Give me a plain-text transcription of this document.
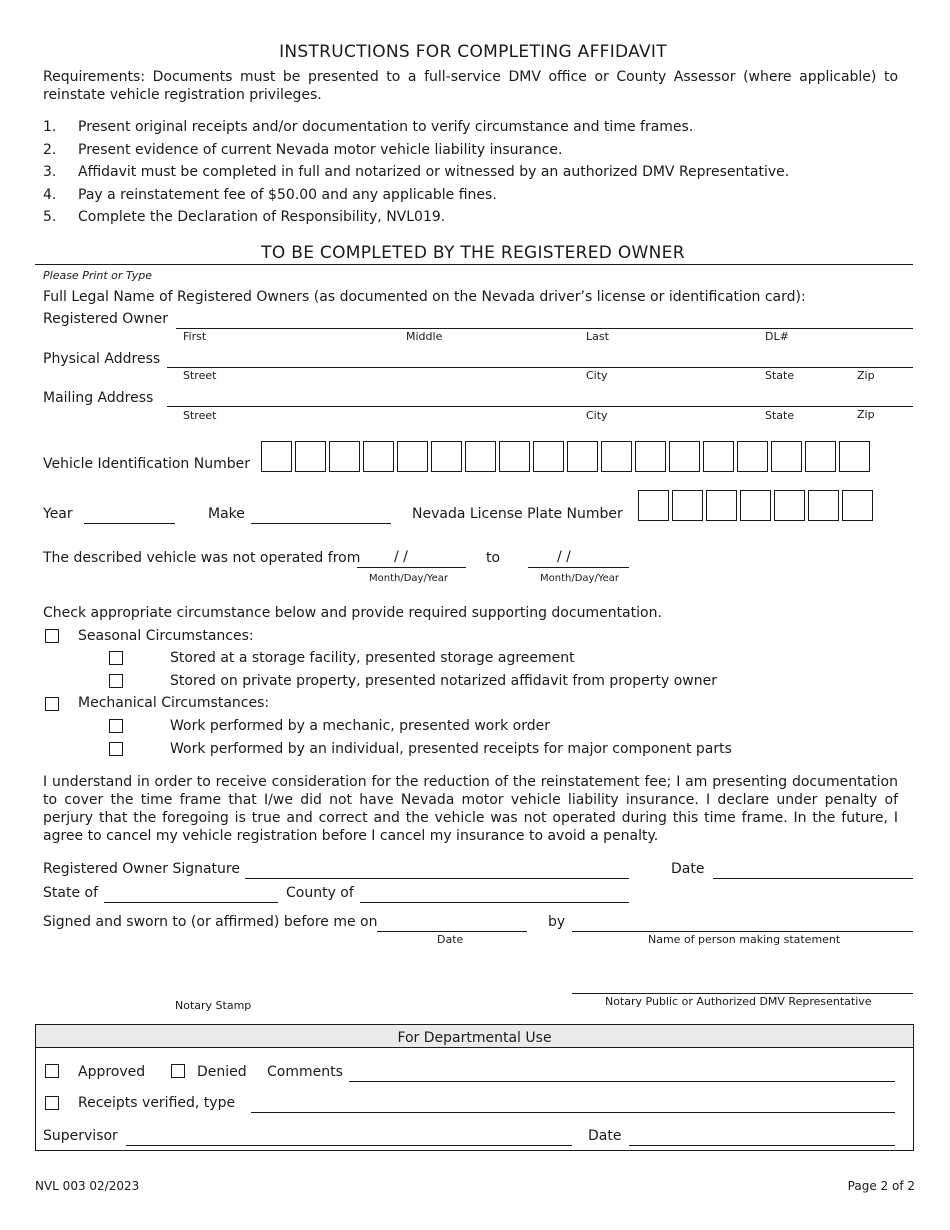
INSTRUCTIONS FOR COMPLETING AFFIDAVIT
Requirements: Documents must be presented to a full-service DMV office or County Assessor (where applicable) to reinstate vehicle registration privileges.
1. Present original receipts and/or documentation to verify circumstance and time frames.
2. Present evidence of current Nevada motor vehicle liability insurance.
3. Affidavit must be completed in full and notarized or witnessed by an authorized DMV Representative.
4. Pay a reinstatement fee of $50.00 and any applicable fines.
5. Complete the Declaration of Responsibility, NVL019.
TO BE COMPLETED BY THE REGISTERED OWNER
Please Print or Type
Full Legal Name of Registered Owners (as documented on the Nevada driver’s license or identification card):
Registered Owner
First	Middle	Last	DL#
Physical Address
Street	City	State	Zip
Mailing Address
Street	City	State	Zip
Vehicle Identification Number
Year	Make	Nevada License Plate Number
The described vehicle was not operated from / /
Month/Day/Year
to	/ /
Month/Day/Year
Check appropriate circumstance below and provide required supporting documentation.
Seasonal Circumstances:
Stored at a storage facility, presented storage agreement
Stored on private property, presented notarized affidavit from property owner
Mechanical Circumstances:
Work performed by a mechanic, presented work order
Work performed by an individual, presented receipts for major component parts
I understand in order to receive consideration for the reduction of the reinstatement fee; I am presenting documentation to cover the time frame that I/we did not have Nevada motor vehicle liability insurance. I declare under penalty of perjury that the foregoing is true and correct and the vehicle was not operated during this time frame. In the future, I agree to cancel my vehicle registration before I cancel my insurance to avoid a penalty.
Registered Owner Signature	Date
State of	County of
Signed and sworn to (or affirmed) before me on
Date
by
Name of person making statement
Notary Stamp	Notary Public or Authorized DMV Representative
For Departmental Use
Approved	Denied Comments
Receipts verified, type
Supervisor	Date
NVL 003 02/2023	Page 2 of 2
